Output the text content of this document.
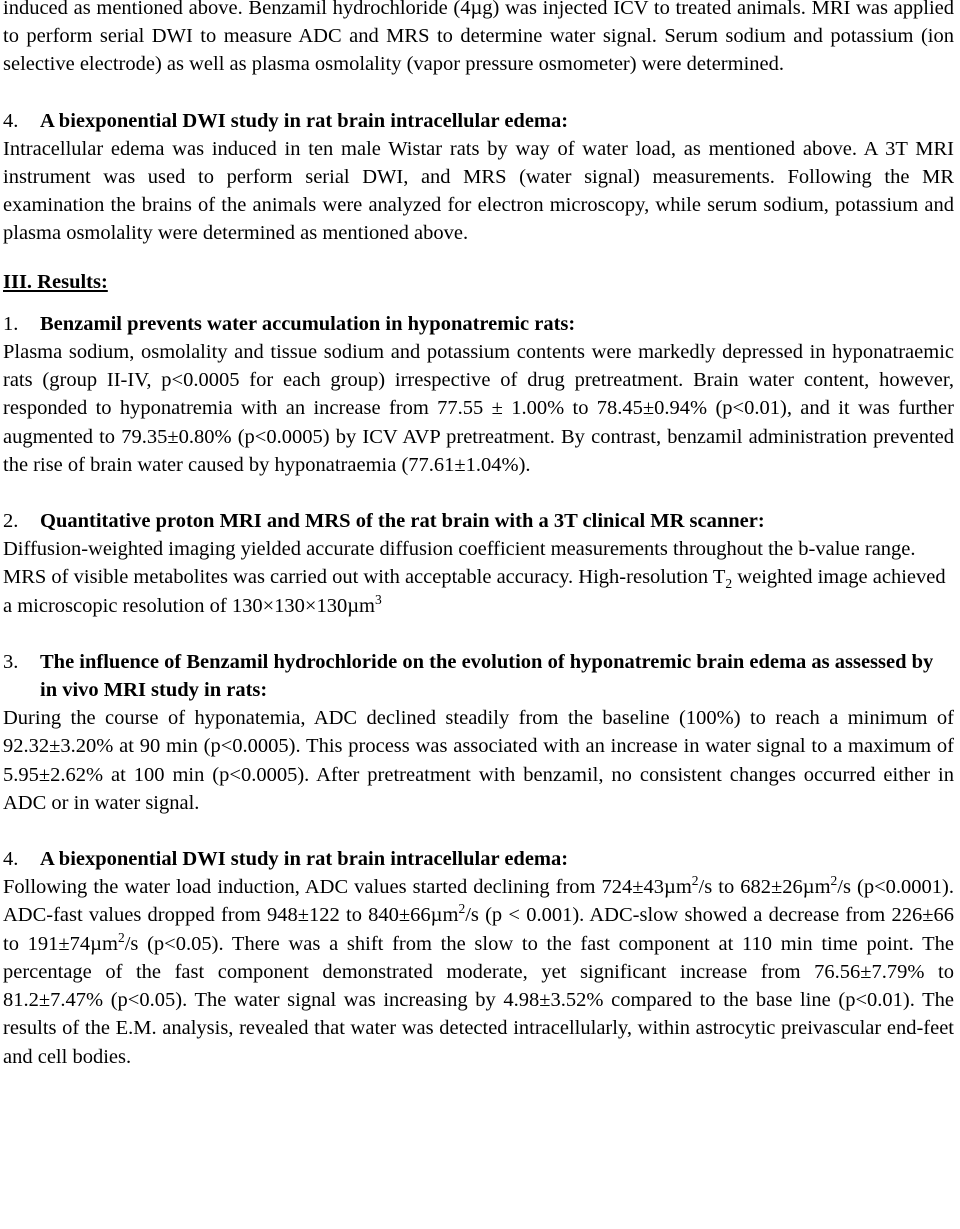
induced as mentioned above. Benzamil hydrochloride (4µg) was injected ICV to treated animals. MRI was applied to perform serial DWI to measure ADC and MRS to determine water signal. Serum sodium and potassium (ion selective electrode) as well as plasma osmolality (vapor pressure osmometer) were determined.

4.	A biexponential DWI study in rat brain intracellular edema:

Intracellular edema was induced in ten male Wistar rats by way of water load, as mentioned above. A 3T MRI instrument was used to perform serial DWI, and MRS (water signal) measurements. Following the MR examination the brains of the animals were analyzed for electron microscopy, while serum sodium, potassium and plasma osmolality were determined as mentioned above.

III. Results:
1.	Benzamil prevents water accumulation in hyponatremic rats:

Plasma sodium, osmolality and tissue sodium and potassium contents were markedly depressed in hyponatraemic rats (group II-IV, p<0.0005 for each group) irrespective of drug pretreatment. Brain water content, however, responded to hyponatremia with an increase from 77.55 ± 1.00% to 78.45±0.94% (p<0.01), and it was further augmented to 79.35±0.80% (p<0.0005) by ICV AVP pretreatment. By contrast, benzamil administration prevented the rise of brain water caused by hyponatraemia (77.61±1.04%).

2.	Quantitative proton MRI and MRS of the rat brain with a 3T clinical MR scanner:

Diffusion-weighted imaging yielded accurate diffusion coefficient measurements throughout the b-value range. MRS of visible metabolites was carried out with acceptable accuracy. High-resolution $T_2$ weighted image achieved a microscopic resolution of 130×130×130µm$^3$

3.	The influence of Benzamil hydrochloride on the evolution of hyponatremic brain edema as assessed by in vivo MRI study in rats:

During the course of hyponatemia, ADC declined steadily from the baseline (100%) to reach a minimum of 92.32±3.20% at 90 min (p<0.0005). This process was associated with an increase in water signal to a maximum of 5.95±2.62% at 100 min (p<0.0005). After pretreatment with benzamil, no consistent changes occurred either in ADC or in water signal.

4.	A biexponential DWI study in rat brain intracellular edema:

Following the water load induction, ADC values started declining from 724±43µm$^2$/s to 682±26µm$^2$/s (p<0.0001). ADC-fast values dropped from 948±122 to 840±66µm$^2$/s (p < 0.001). ADC-slow showed a decrease from 226±66 to 191±74µm$^2$/s (p<0.05). There was a shift from the slow to the fast component at 110 min time point. The percentage of the fast component demonstrated moderate, yet significant increase from 76.56±7.79% to 81.2±7.47% (p<0.05). The water signal was increasing by 4.98±3.52% compared to the base line (p<0.01). The results of the E.M. analysis, revealed that water was detected intracellularly, within astrocytic preivascular end-feet and cell bodies.
